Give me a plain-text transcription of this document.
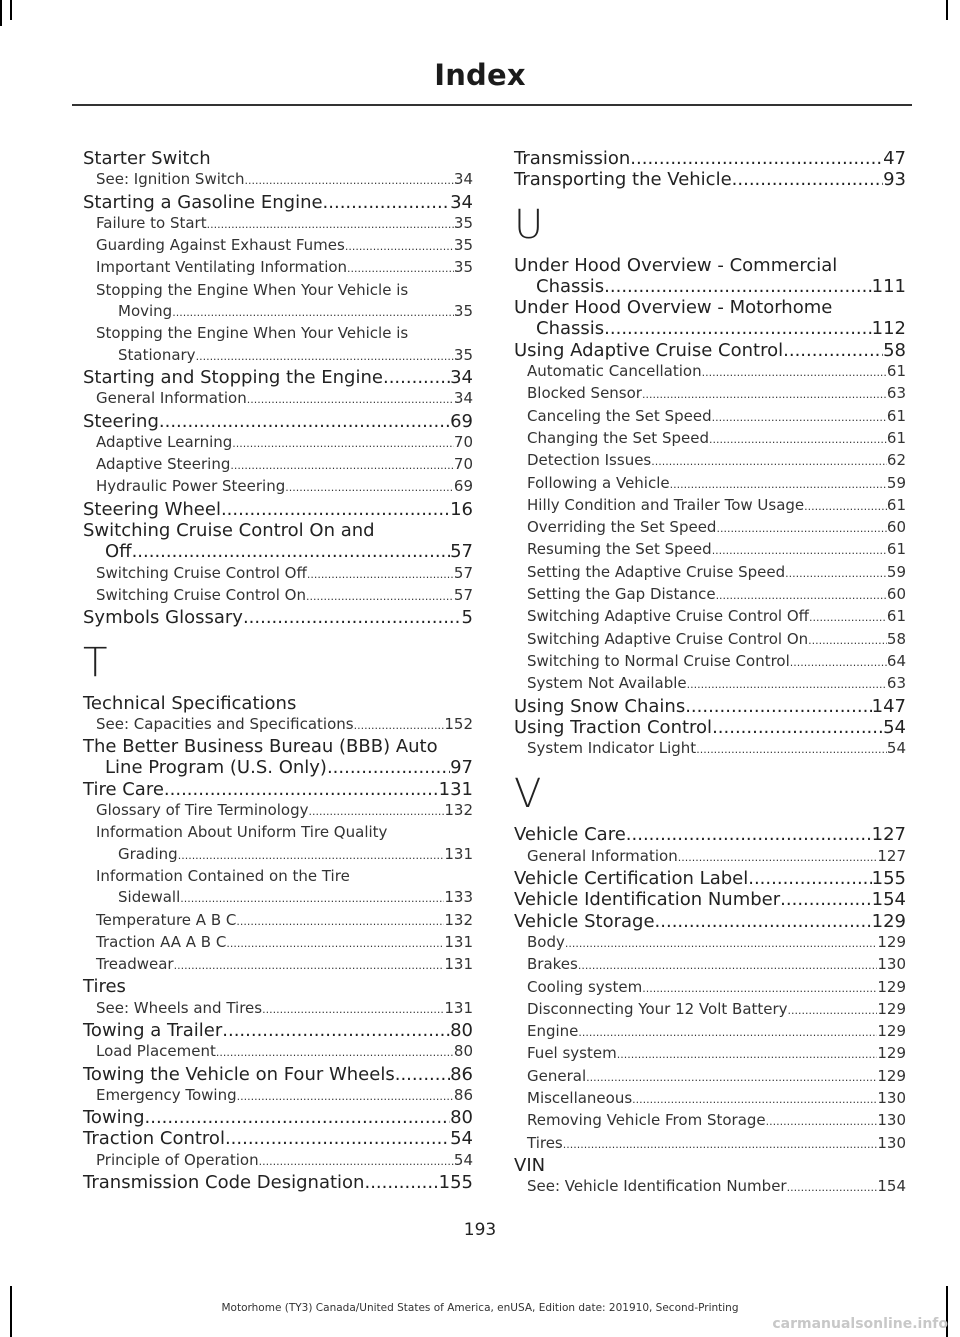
Index
Starter Switch
See: Ignition Switch .....	34
Starting a Gasoline Engine .....	34
Failure to Start .....	35
Guarding Against Exhaust Fumes .....	35
Important Ventilating Information .....	35
Stopping the Engine When Your Vehicle is
Moving .....	35
Stopping the Engine When Your Vehicle is
Stationary .....	35
Starting and Stopping the Engine .....	34
General Information .....	34
Steering .....	69
Adaptive Learning .....	70
Adaptive Steering .....	70
Hydraulic Power Steering .....	69
Steering Wheel .....	16
Switching Cruise Control On and
Off .....	57
Switching Cruise Control Off .....	57
Switching Cruise Control On .....	57
Symbols Glossary .....	5
T
Technical Specifications
See: Capacities and Specifications .....	152
The Better Business Bureau (BBB) Auto
Line Program (U.S. Only) .....	97
Tire Care .....	131
Glossary of Tire Terminology .....	132
Information About Uniform Tire Quality
Grading .....	131
Information Contained on the Tire
Sidewall .....	133
Temperature A B C .....	132
Traction AA A B C .....	131
Treadwear .....	131
Tires
See: Wheels and Tires .....	131
Towing a Trailer .....	80
Load Placement .....	80
Towing the Vehicle on Four Wheels .....	86
Emergency Towing .....	86
Towing .....	80
Traction Control .....	54
Principle of Operation .....	54
Transmission Code Designation .....	155
Transmission .....	47
Transporting the Vehicle .....	93
U
Under Hood Overview - Commercial
Chassis .....	111
Under Hood Overview - Motorhome
Chassis .....	112
Using Adaptive Cruise Control .....	58
Automatic Cancellation .....	61
Blocked Sensor .....	63
Canceling the Set Speed .....	61
Changing the Set Speed .....	61
Detection Issues .....	62
Following a Vehicle .....	59
Hilly Condition and Trailer Tow Usage .....	61
Overriding the Set Speed .....	60
Resuming the Set Speed .....	61
Setting the Adaptive Cruise Speed .....	59
Setting the Gap Distance .....	60
Switching Adaptive Cruise Control Off .....	61
Switching Adaptive Cruise Control On .....	58
Switching to Normal Cruise Control .....	64
System Not Available .....	63
Using Snow Chains .....	147
Using Traction Control .....	54
System Indicator Light .....	54
V
Vehicle Care .....	127
General Information .....	127
Vehicle Certification Label .....	155
Vehicle Identification Number .....	154
Vehicle Storage .....	129
Body .....	129
Brakes .....	130
Cooling system .....	129
Disconnecting Your 12 Volt Battery .....	129
Engine .....	129
Fuel system .....	129
General .....	129
Miscellaneous .....	130
Removing Vehicle From Storage .....	130
Tires .....	130
VIN
See: Vehicle Identification Number .....	154
193
Motorhome (TY3) Canada/United States of America, enUSA, Edition date: 201910, Second-Printing
carmanualsonline.info
